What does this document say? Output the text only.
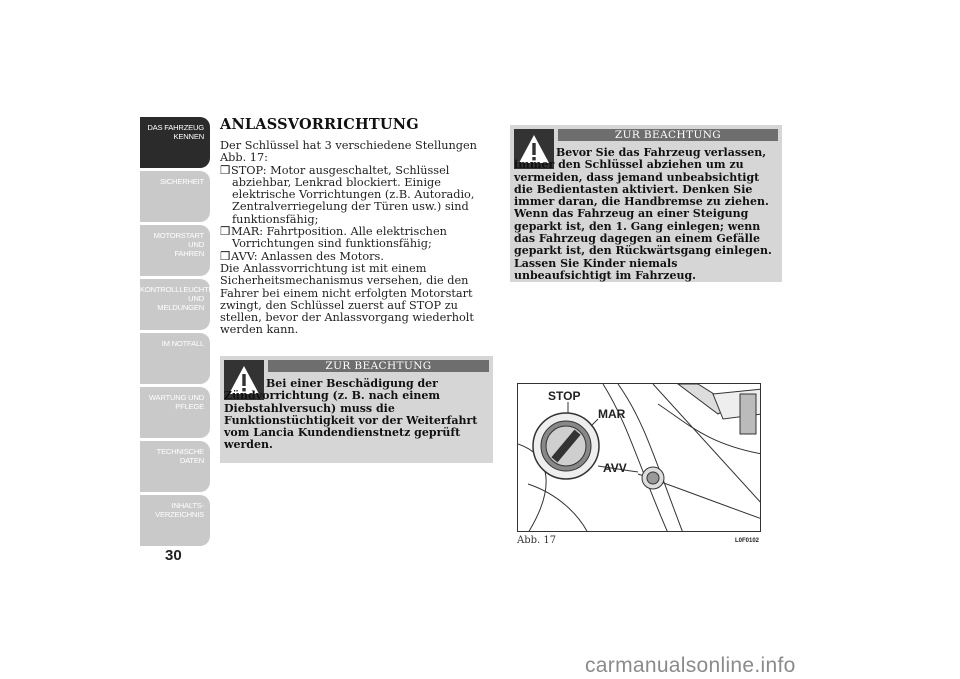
DAS FAHRZEUG
KENNEN
SICHERHEIT
MOTORSTART UND
FAHREN
KONTROLLLEUCHTEN
UND MELDUNGEN
IM NOTFALL
WARTUNG UND
PFLEGE
TECHNISCHE
DATEN
INHALTS-
VERZEICHNIS
30
ANLASSVORRICHTUNG

Der Schlüssel hat 3 verschiedene Stellungen Abb. 17:

❒STOP: Motor ausgeschaltet, Schlüssel abziehbar, Lenkrad blockiert. Einige elektrische Vorrichtungen (z.B. Autoradio, Zentralverriegelung der Türen usw.) sind funktionsfähig;

❒MAR: Fahrtposition. Alle elektrischen Vorrichtungen sind funktionsfähig;

❒AVV: Anlassen des Motors.

Die Anlassvorrichtung ist mit einem Sicherheitsmechanismus versehen, die den Fahrer bei einem nicht erfolgten Motorstart zwingt, den Schlüssel zuerst auf STOP zu stellen, bevor der Anlassvorgang wiederholt werden kann.

ZUR BEACHTUNG
Bei einer Beschädigung der Zündvorrichtung (z. B. nach einem Diebstahlversuch) muss die Funktionstüchtigkeit vor der Weiterfahrt vom Lancia Kundendienstnetz geprüft werden.
ZUR BEACHTUNG
Bevor Sie das Fahrzeug verlassen, immer den Schlüssel abziehen um zu vermeiden, dass jemand unbeabsichtigt die Bedientasten aktiviert. Denken Sie immer daran, die Handbremse zu ziehen. Wenn das Fahrzeug an einer Steigung geparkt ist, den 1. Gang einlegen; wenn das Fahrzeug dagegen an einem Gefälle geparkt ist, den Rückwärtsgang einlegen. Lassen Sie Kinder niemals unbeaufsichtigt im Fahrzeug.
STOP
MAR
AVV
Abb. 17	L0F0102
carmanualsonline.info
